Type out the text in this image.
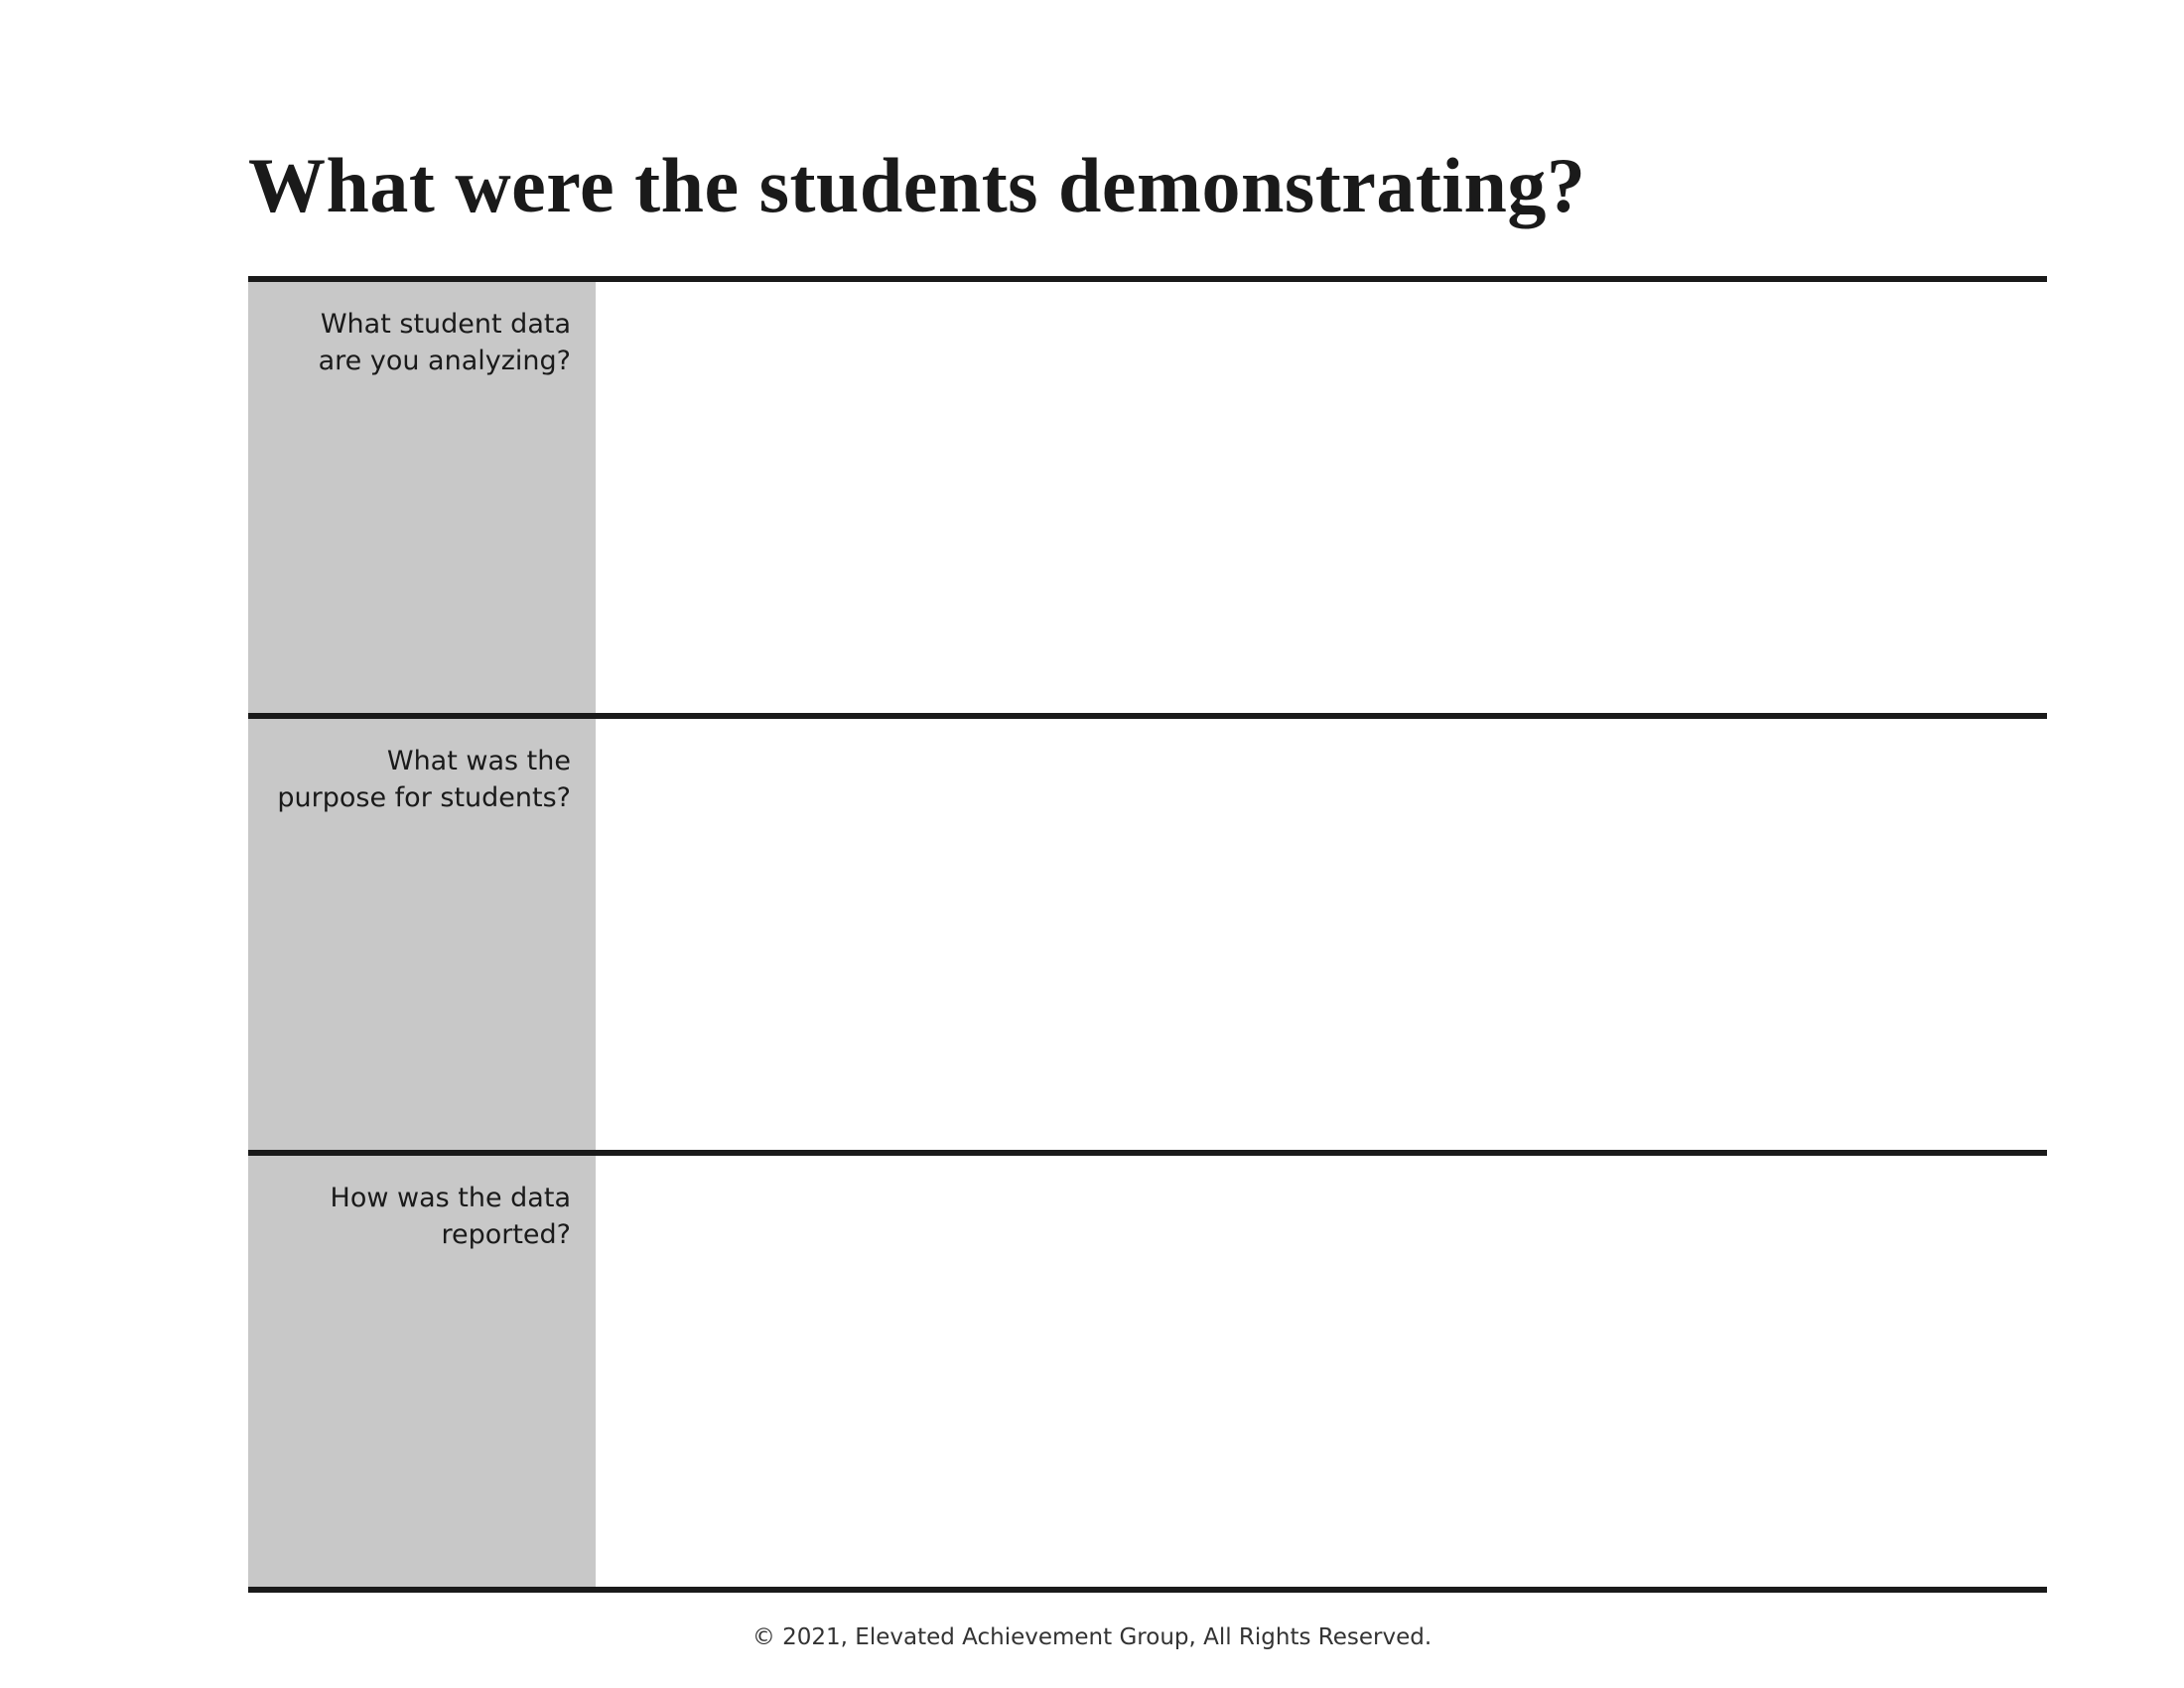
What were the students demonstrating?
What student data
are you analyzing?
What was the
purpose for students?
How was the data
reported?
© 2021, Elevated Achievement Group, All Rights Reserved.
